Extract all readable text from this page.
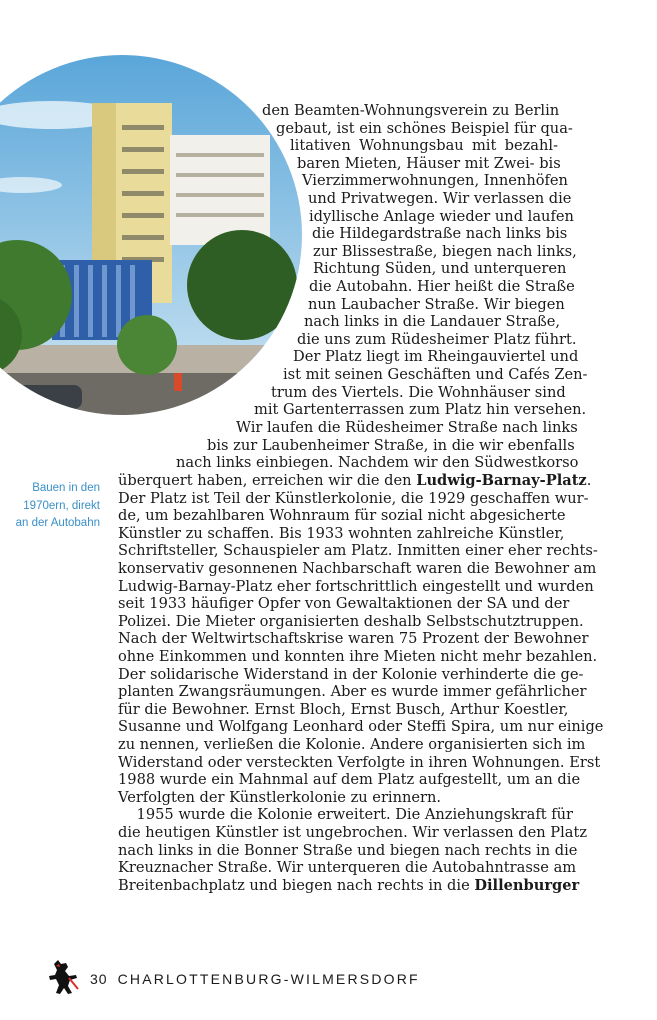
den Beamten-Wohnungsverein zu Berlin
gebaut, ist ein schönes Beispiel für qua-
litativen Wohnungsbau mit bezahl-
baren Mieten, Häuser mit Zwei- bis
Vierzimmerwohnungen, Innenhöfen
und Privatwegen. Wir verlassen die
idyllische Anlage wieder und laufen
die Hildegardstraße nach links bis
zur Blissestraße, biegen nach links,
Richtung Süden, und unterqueren
die Autobahn. Hier heißt die Straße
nun Laubacher Straße. Wir biegen
nach links in die Landauer Straße,
die uns zum Rüdesheimer Platz führt.
Der Platz liegt im Rheingauviertel und
ist mit seinen Geschäften und Cafés Zen-
trum des Viertels. Die Wohnhäuser sind
mit Gartenterrassen zum Platz hin versehen.
Wir laufen die Rüdesheimer Straße nach links
bis zur Laubenheimer Straße, in die wir ebenfalls
nach links einbiegen. Nachdem wir den Südwestkorso
überquert haben, erreichen wir die den Ludwig-Barnay-Platz.
Der Platz ist Teil der Künstlerkolonie, die 1929 geschaffen wur-
de, um bezahlbaren Wohnraum für sozial nicht abgesicherte
Künstler zu schaffen. Bis 1933 wohnten zahlreiche Künstler,
Schriftsteller, Schauspieler am Platz. Inmitten einer eher rechts-
konservativ gesonnenen Nachbarschaft waren die Bewohner am
Ludwig-Barnay-Platz eher fortschrittlich eingestellt und wurden
seit 1933 häufiger Opfer von Gewaltaktionen der SA und der
Polizei. Die Mieter organisierten deshalb Selbstschutztruppen.
Nach der Weltwirtschaftskrise waren 75 Prozent der Bewohner
ohne Einkommen und konnten ihre Mieten nicht mehr bezahlen.
Der solidarische Widerstand in der Kolonie verhinderte die ge-
planten Zwangsräumungen. Aber es wurde immer gefährlicher
für die Bewohner. Ernst Bloch, Ernst Busch, Arthur Koestler,
Susanne und Wolfgang Leonhard oder Steffi Spira, um nur einige
zu nennen, verließen die Kolonie. Andere organisierten sich im
Widerstand oder versteckten Verfolgte in ihren Wohnungen. Erst
1988 wurde ein Mahnmal auf dem Platz aufgestellt, um an die
Verfolgten der Künstlerkolonie zu erinnern.
1955 wurde die Kolonie erweitert. Die Anziehungskraft für
die heutigen Künstler ist ungebrochen. Wir verlassen den Platz
nach links in die Bonner Straße und biegen nach rechts in die
Kreuznacher Straße. Wir unterqueren die Autobahntrasse am
Breitenbachplatz und biegen nach rechts in die Dillenburger
Bauen in den 1970ern, direkt an der Autobahn
30 CHARLOTTENBURG-WILMERSDORF
